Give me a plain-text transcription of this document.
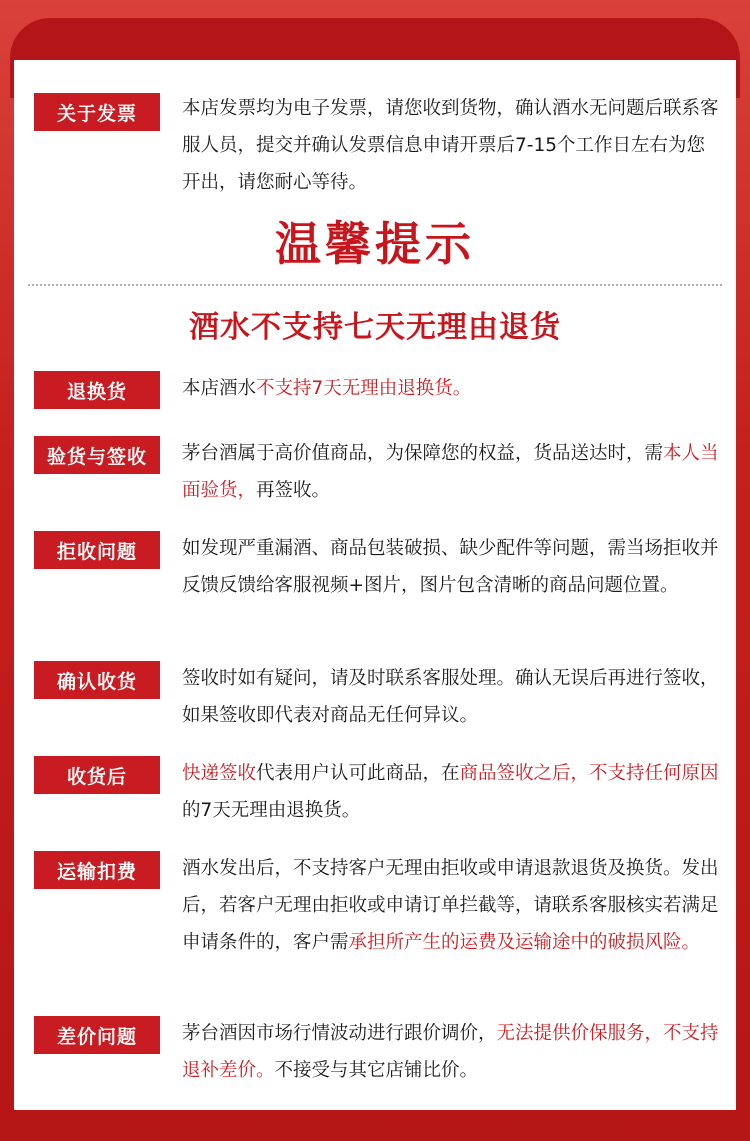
关于发票	本店发票均为电子发票，请您收到货物，确认酒水无问题后联系客服人员，提交并确认发票信息申请开票后7-15个工作日左右为您开出，请您耐心等待。
温馨提示
酒水不支持七天无理由退货
退换货	本店酒水不支持7天无理由退换货。
验货与签收	茅台酒属于高价值商品，为保障您的权益，货品送达时，需本人当面验货，再签收。
拒收问题	如发现严重漏酒、商品包装破损、缺少配件等问题，需当场拒收并反馈反馈给客服视频+图片，图片包含清晰的商品问题位置。
确认收货	签收时如有疑问，请及时联系客服处理。确认无误后再进行签收，如果签收即代表对商品无任何异议。
收货后	快递签收代表用户认可此商品，在商品签收之后，不支持任何原因的7天无理由退换货。
运输扣费	酒水发出后，不支持客户无理由拒收或申请退款退货及换货。发出后，若客户无理由拒收或申请订单拦截等，请联系客服核实若满足申请条件的，客户需承担所产生的运费及运输途中的破损风险。
差价问题	茅台酒因市场行情波动进行跟价调价，无法提供价保服务，不支持退补差价。不接受与其它店铺比价。
